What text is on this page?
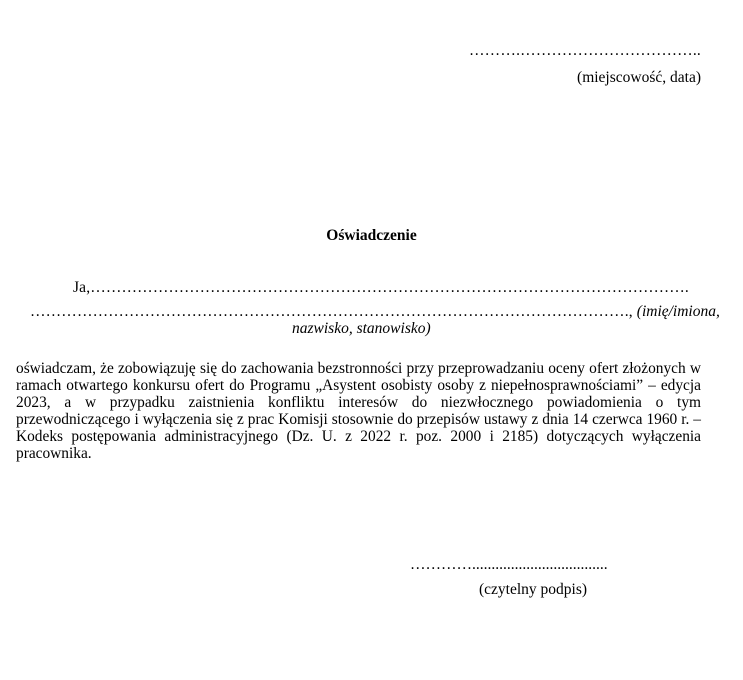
……….……………………………..

(miejscowość, data)

Oświadczenie

Ja,…………………………………………………………………………………………………….

……………………………………………………………………………………………………., (imię/imiona,

nazwisko, stanowisko)

oświadczam, że zobowiązuję się do zachowania bezstronności przy przeprowadzaniu oceny ofert złożonych w ramach otwartego konkursu ofert do Programu „Asystent osobisty osoby z niepełnosprawnościami” – edycja 2023, a w przypadku zaistnienia konfliktu interesów do niezwłocznego powiadomienia o tym przewodniczącego i wyłączenia się z prac Komisji stosownie do przepisów ustawy z dnia 14 czerwca 1960 r. – Kodeks postępowania administracyjnego (Dz. U. z 2022 r. poz. 2000 i 2185) dotyczących wyłączenia pracownika.

…………...................................

(czytelny podpis)
